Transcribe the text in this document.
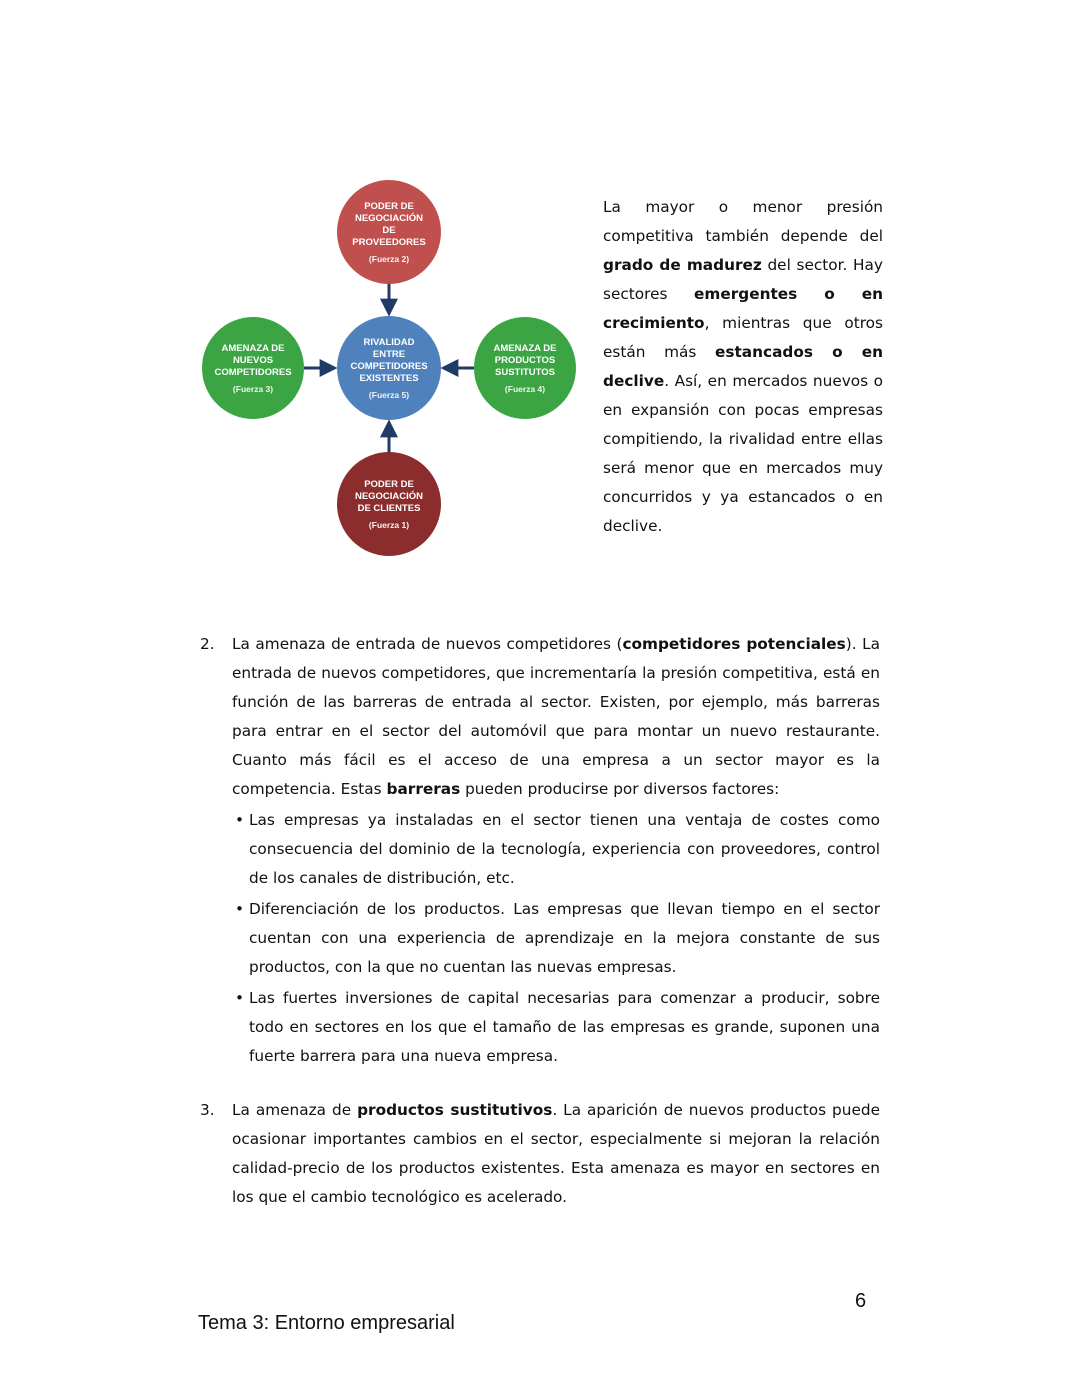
PODER DE
NEGOCIACIÓN
DE
PROVEEDORES
(Fuerza 2)
AMENAZA DE
NUEVOS
COMPETIDORES
(Fuerza 3)
RIVALIDAD
ENTRE
COMPETIDORES
EXISTENTES
(Fuerza 5)
AMENAZA DE
PRODUCTOS
SUSTITUTOS
(Fuerza 4)
PODER DE
NEGOCIACIÓN
DE CLIENTES
(Fuerza 1)

La mayor o menor presión competitiva también depende del grado de madurez del sector. Hay sectores emergentes o en crecimiento, mientras que otros están más estancados o en declive. Así, en mercados nuevos o en expansión con pocas empresas compitiendo, la rivalidad entre ellas será menor que en mercados muy concurridos y ya estancados o en declive.

2. La amenaza de entrada de nuevos competidores (competidores potenciales). La entrada de nuevos competidores, que incrementaría la presión competitiva, está en función de las barreras de entrada al sector. Existen, por ejemplo, más barreras para entrar en el sector del automóvil que para montar un nuevo restaurante. Cuanto más fácil es el acceso de una empresa a un sector mayor es la competencia. Estas barreras pueden producirse por diversos factores:

• Las empresas ya instaladas en el sector tienen una ventaja de costes como consecuencia del dominio de la tecnología, experiencia con proveedores, control de los canales de distribución, etc.
• Diferenciación de los productos. Las empresas que llevan tiempo en el sector cuentan con una experiencia de aprendizaje en la mejora constante de sus productos, con la que no cuentan las nuevas empresas.
• Las fuertes inversiones de capital necesarias para comenzar a producir, sobre todo en sectores en los que el tamaño de las empresas es grande, suponen una fuerte barrera para una nueva empresa.

3. La amenaza de productos sustitutivos. La aparición de nuevos productos puede ocasionar importantes cambios en el sector, especialmente si mejoran la relación calidad-precio de los productos existentes. Esta amenaza es mayor en sectores en los que el cambio tecnológico es acelerado.

6
Tema 3: Entorno empresarial
